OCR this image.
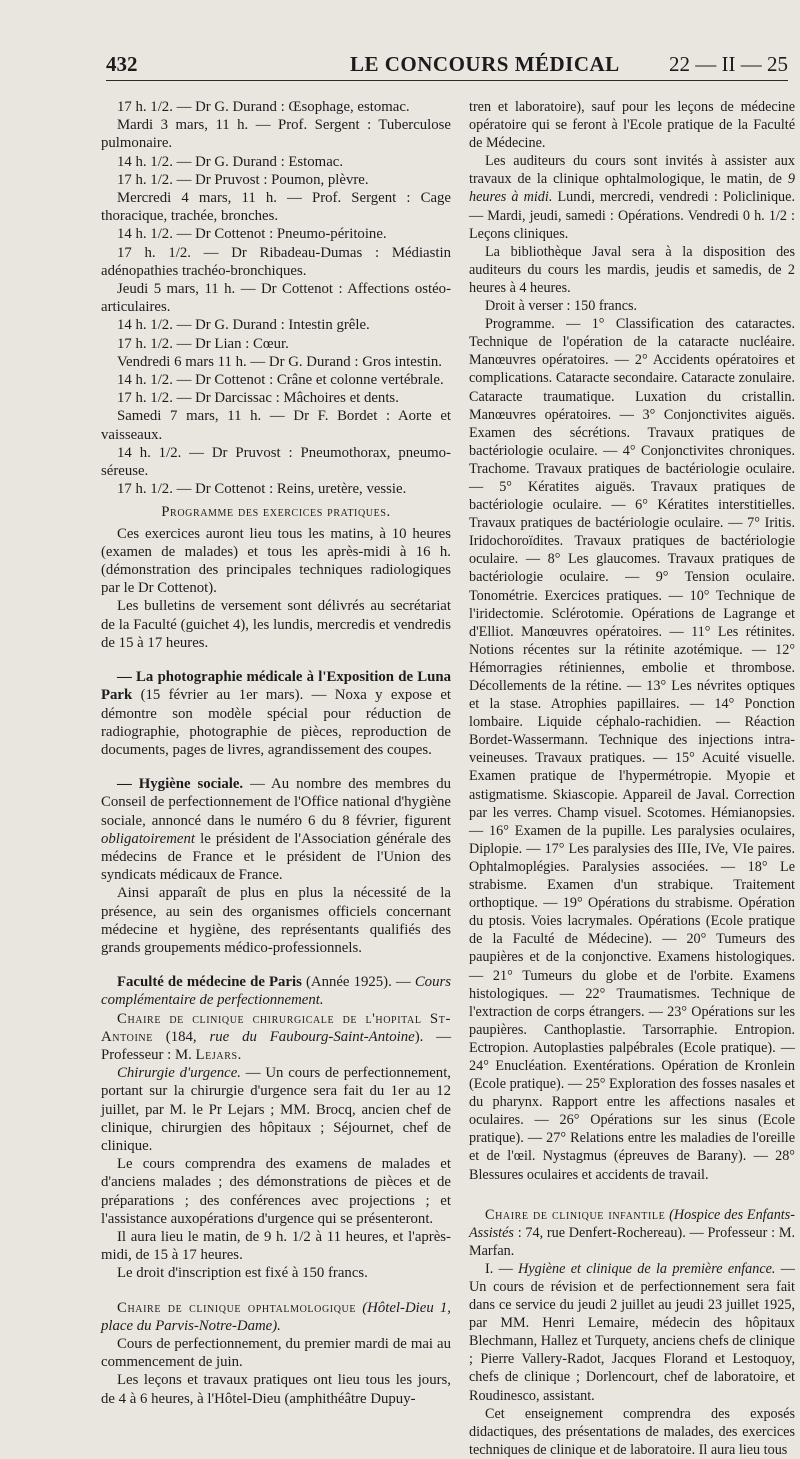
432	LE CONCOURS MÉDICAL 22 — II — 25

17 h. 1/2. — Dr G. Durand : Œsophage, estomac.

Mardi 3 mars, 11 h. — Prof. Sergent : Tuberculose pulmonaire.

14 h. 1/2. — Dr G. Durand : Estomac.

17 h. 1/2. — Dr Pruvost : Poumon, plèvre.

Mercredi 4 mars, 11 h. — Prof. Sergent : Cage thoracique, trachée, bronches.

14 h. 1/2. — Dr Cottenot : Pneumo-péritoine.

17 h. 1/2. — Dr Ribadeau-Dumas : Médiastin adénopathies trachéo-bronchiques.

Jeudi 5 mars, 11 h. — Dr Cottenot : Affections ostéo-articulaires.

14 h. 1/2. — Dr G. Durand : Intestin grêle.

17 h. 1/2. — Dr Lian : Cœur.

Vendredi 6 mars 11 h. — Dr G. Durand : Gros intestin.

14 h. 1/2. — Dr Cottenot : Crâne et colonne vertébrale.

17 h. 1/2. — Dr Darcissac : Mâchoires et dents.

Samedi 7 mars, 11 h. — Dr F. Bordet : Aorte et vaisseaux.

14 h. 1/2. — Dr Pruvost : Pneumothorax, pneumo-séreuse.

17 h. 1/2. — Dr Cottenot : Reins, uretère, vessie.

Programme des exercices pratiques.

Ces exercices auront lieu tous les matins, à 10 heures (examen de malades) et tous les après-midi à 16 h. (démonstration des principales techniques radiologiques par le Dr Cottenot).

Les bulletins de versement sont délivrés au secrétariat de la Faculté (guichet 4), les lundis, mercredis et vendredis de 15 à 17 heures.

— La photographie médicale à l'Exposition de Luna Park (15 février au 1er mars). — Noxa y expose et démontre son modèle spécial pour réduction de radiographie, photographie de pièces, reproduction de documents, pages de livres, agrandissement des coupes.

— Hygiène sociale. — Au nombre des membres du Conseil de perfectionnement de l'Office national d'hygiène sociale, annoncé dans le numéro 6 du 8 février, figurent obligatoirement le président de l'Association générale des médecins de France et le président de l'Union des syndicats médicaux de France.

Ainsi apparaît de plus en plus la nécessité de la présence, au sein des organismes officiels concernant médecine et hygiène, des représentants qualifiés des grands groupements médico-professionnels.

Faculté de médecine de Paris (Année 1925). — Cours complémentaire de perfectionnement.

Chaire de clinique chirurgicale de l'hopital St-Antoine (184, rue du Faubourg-Saint-Antoine). — Professeur : M. Lejars.

Chirurgie d'urgence. — Un cours de perfectionnement, portant sur la chirurgie d'urgence sera fait du 1er au 12 juillet, par M. le Pr Lejars ; MM. Brocq, ancien chef de clinique, chirurgien des hôpitaux ; Séjournet, chef de clinique.

Le cours comprendra des examens de malades et d'anciens malades ; des démonstrations de pièces et de préparations ; des conférences avec projections ; et l'assistance auxopérations d'urgence qui se présenteront.

Il aura lieu le matin, de 9 h. 1/2 à 11 heures, et l'après-midi, de 15 à 17 heures.

Le droit d'inscription est fixé à 150 francs.

Chaire de clinique ophtalmologique (Hôtel-Dieu 1, place du Parvis-Notre-Dame).

Cours de perfectionnement, du premier mardi de mai au commencement de juin.

Les leçons et travaux pratiques ont lieu tous les jours, de 4 à 6 heures, à l'Hôtel-Dieu (amphithéâtre Dupuy-

tren et laboratoire), sauf pour les leçons de médecine opératoire qui se feront à l'Ecole pratique de la Faculté de Médecine.

Les auditeurs du cours sont invités à assister aux travaux de la clinique ophtalmologique, le matin, de 9 heures à midi. Lundi, mercredi, vendredi : Policlinique. — Mardi, jeudi, samedi : Opérations. Vendredi 0 h. 1/2 : Leçons cliniques.

La bibliothèque Javal sera à la disposition des auditeurs du cours les mardis, jeudis et samedis, de 2 heures à 4 heures.

Droit à verser : 150 francs.

Programme. — 1° Classification des cataractes. Technique de l'opération de la cataracte nucléaire. Manœuvres opératoires. — 2° Accidents opératoires et complications. Cataracte secondaire. Cataracte zonulaire. Cataracte traumatique. Luxation du cristallin. Manœuvres opératoires. — 3° Conjonctivites aiguës. Examen des sécrétions. Travaux pratiques de bactériologie oculaire. — 4° Conjonctivites chroniques. Trachome. Travaux pratiques de bactériologie oculaire. — 5° Kératites aiguës. Travaux pratiques de bactériologie oculaire. — 6° Kératites interstitielles. Travaux pratiques de bactériologie oculaire. — 7° Iritis. Iridochoroïdites. Travaux pratiques de bactériologie oculaire. — 8° Les glaucomes. Travaux pratiques de bactériologie oculaire. — 9° Tension oculaire. Tonométrie. Exercices pratiques. — 10° Technique de l'iridectomie. Sclérotomie. Opérations de Lagrange et d'Elliot. Manœuvres opératoires. — 11° Les rétinites. Notions récentes sur la rétinite azotémique. — 12° Hémorragies rétiniennes, embolie et thrombose. Décollements de la rétine. — 13° Les névrites optiques et la stase. Atrophies papillaires. — 14° Ponction lombaire. Liquide céphalo-rachidien. — Réaction Bordet-Wassermann. Technique des injections intra-veineuses. Travaux pratiques. — 15° Acuité visuelle. Examen pratique de l'hypermétropie. Myopie et astigmatisme. Skiascopie. Appareil de Javal. Correction par les verres. Champ visuel. Scotomes. Hémianopsies. — 16° Examen de la pupille. Les paralysies oculaires, Diplopie. — 17° Les paralysies des IIIe, IVe, VIe paires. Ophtalmoplégies. Paralysies associées. — 18° Le strabisme. Examen d'un strabique. Traitement orthoptique. — 19° Opérations du strabisme. Opération du ptosis. Voies lacrymales. Opérations (Ecole pratique de la Faculté de Médecine). — 20° Tumeurs des paupières et de la conjonctive. Examens histologiques. — 21° Tumeurs du globe et de l'orbite. Examens histologiques. — 22° Traumatismes. Technique de l'extraction de corps étrangers. — 23° Opérations sur les paupières. Canthoplastie. Tarsorraphie. Entropion. Ectropion. Autoplasties palpébrales (Ecole pratique). — 24° Enucléation. Exentérations. Opération de Kronlein (Ecole pratique). — 25° Exploration des fosses nasales et du pharynx. Rapport entre les affections nasales et oculaires. — 26° Opérations sur les sinus (Ecole pratique). — 27° Relations entre les maladies de l'oreille et de l'œil. Nystagmus (épreuves de Barany). — 28° Blessures oculaires et accidents de travail.

Chaire de clinique infantile (Hospice des Enfants-Assistés : 74, rue Denfert-Rochereau). — Professeur : M. Marfan.

I. — Hygiène et clinique de la première enfance. — Un cours de révision et de perfectionnement sera fait dans ce service du jeudi 2 juillet au jeudi 23 juillet 1925, par MM. Henri Lemaire, médecin des hôpitaux Blechmann, Hallez et Turquety, anciens chefs de clinique ; Pierre Vallery-Radot, Jacques Florand et Lestoquoy, chefs de clinique ; Dorlencourt, chef de laboratoire, et Roudinesco, assistant.

Cet enseignement comprendra des exposés didactiques, des présentations de malades, des exercices techniques de clinique et de laboratoire. Il aura lieu tous
